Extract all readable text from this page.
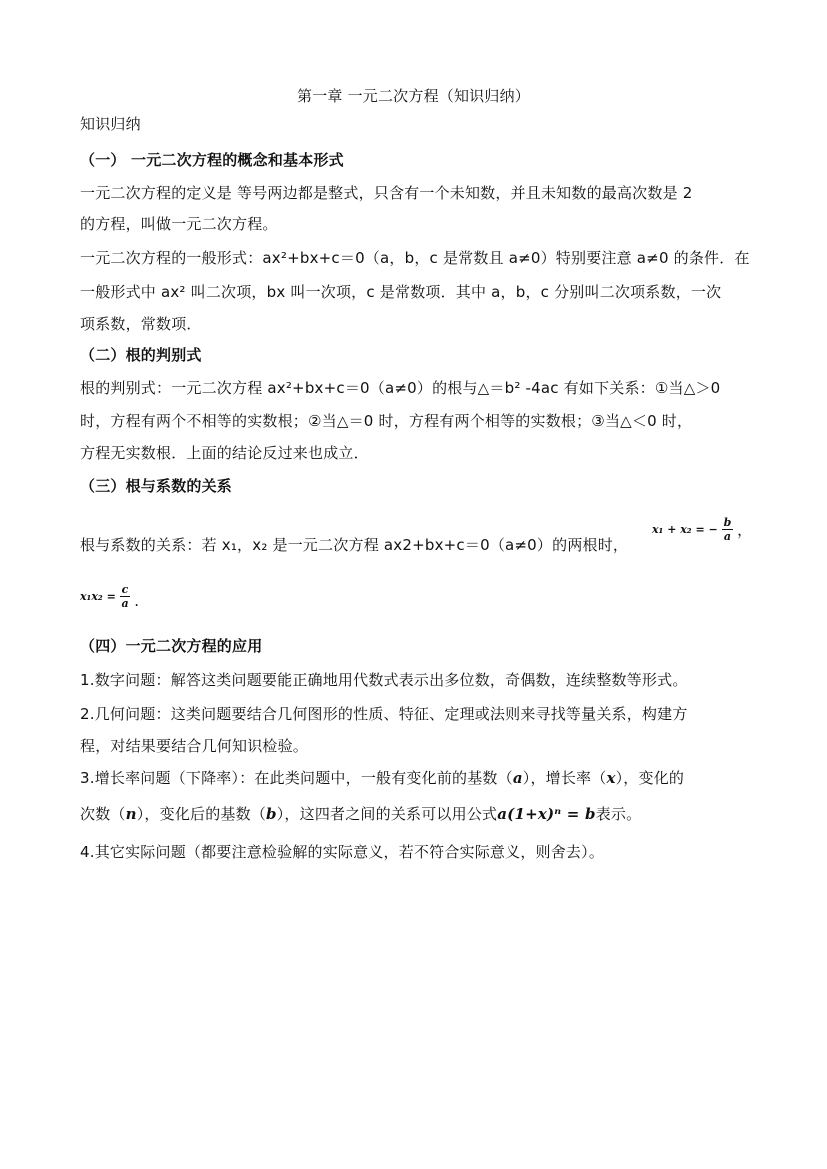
第一章 一元二次方程（知识归纳）
知识归纳
（一） 一元二次方程的概念和基本形式
一元二次方程的定义是 等号两边都是整式，只含有一个未知数，并且未知数的最高次数是 2
的方程，叫做一元二次方程。
一元二次方程的一般形式：ax²+bx+c＝0（a，b，c 是常数且 a≠0）特别要注意 a≠0 的条件．在
一般形式中 ax² 叫二次项，bx 叫一次项，c 是常数项．其中 a，b，c 分别叫二次项系数，一次
项系数，常数项．
（二）根的判别式
根的判别式：一元二次方程 ax²+bx+c＝0（a≠0）的根与△＝b² -4ac 有如下关系：①当△＞0
时，方程有两个不相等的实数根；②当△＝0 时，方程有两个相等的实数根；③当△＜0 时，
方程无实数根．上面的结论反过来也成立．
（三）根与系数的关系
根与系数的关系：若 x₁，x₂ 是一元二次方程 ax2+bx+c＝0（a≠0）的两根时，
x₁ + x₂ = − $\frac{b}{a}$ ，
$x_1x_2 = \frac{c}{a}$ .
（四）一元二次方程的应用
1.数字问题：解答这类问题要能正确地用代数式表示出多位数，奇偶数，连续整数等形式。
2.几何问题：这类问题要结合几何图形的性质、特征、定理或法则来寻找等量关系，构建方
程，对结果要结合几何知识检验。
3.增长率问题（下降率）：在此类问题中，一般有变化前的基数（a），增长率（x），变化的
次数（n），变化后的基数（b），这四者之间的关系可以用公式a(1+x)ⁿ = b表示。
4.其它实际问题（都要注意检验解的实际意义，若不符合实际意义，则舍去）。
